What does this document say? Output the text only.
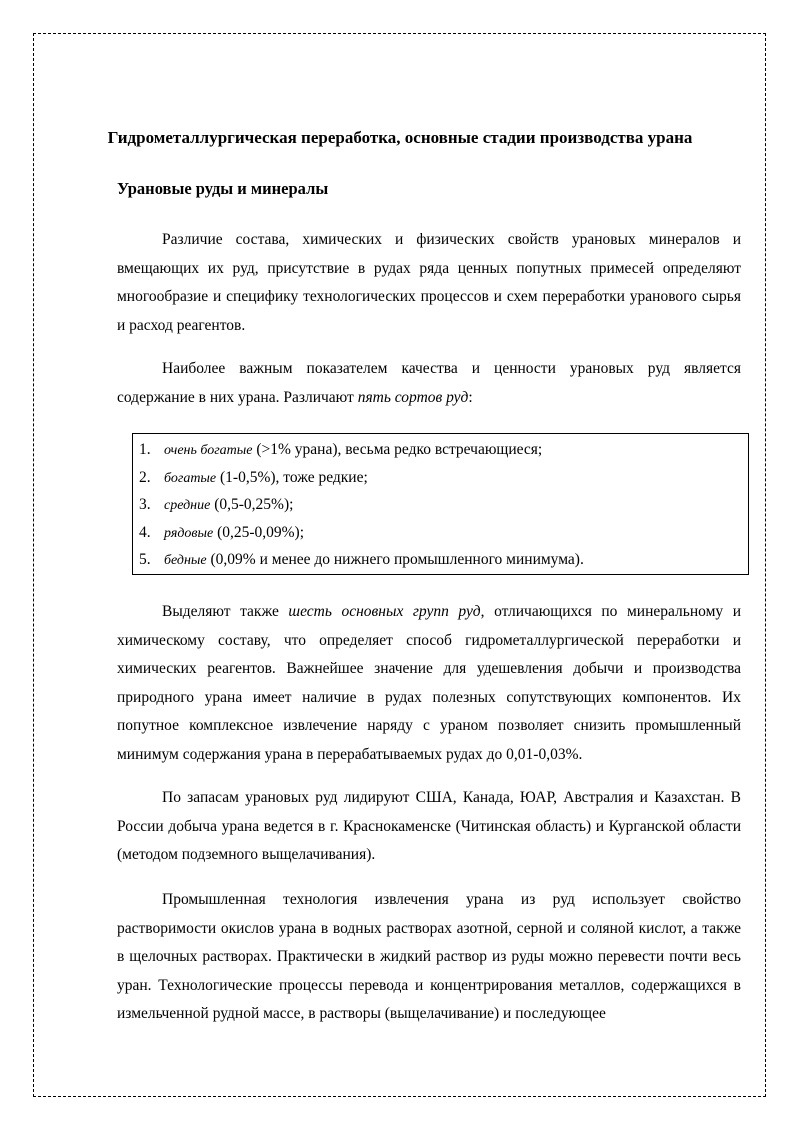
Гидрометаллургическая переработка, основные стадии производства урана
Урановые руды и минералы

Различие состава, химических и физических свойств урановых минералов и вмещающих их руд, присутствие в рудах ряда ценных попутных примесей определяют многообразие и специфику технологических процессов и схем переработки уранового сырья и расход реагентов.

Наиболее важным показателем качества и ценности урановых руд является содержание в них урана. Различают пять сортов руд:

1. очень богатые (>1% урана), весьма редко встречающиеся;
2. богатые (1-0,5%), тоже редкие;
3. средние (0,5-0,25%);
4. рядовые (0,25-0,09%);
5. бедные (0,09% и менее до нижнего промышленного минимума).

Выделяют также шесть основных групп руд, отличающихся по минеральному и химическому составу, что определяет способ гидрометаллургической переработки и химических реагентов. Важнейшее значение для удешевления добычи и производства природного урана имеет наличие в рудах полезных сопутствующих компонентов. Их попутное комплексное извлечение наряду с ураном позволяет снизить промышленный минимум содержания урана в перерабатываемых рудах до 0,01-0,03%.

По запасам урановых руд лидируют США, Канада, ЮАР, Австралия и Казахстан. В России добыча урана ведется в г. Краснокаменске (Читинская область) и Курганской области (методом подземного выщелачивания).

Промышленная технология извлечения урана из руд использует свойство растворимости окислов урана в водных растворах азотной, серной и соляной кислот, а также в щелочных растворах. Практически в жидкий раствор из руды можно перевести почти весь уран. Технологические процессы перевода и концентрирования металлов, содержащихся в измельченной рудной массе, в растворы (выщелачивание) и последующее
